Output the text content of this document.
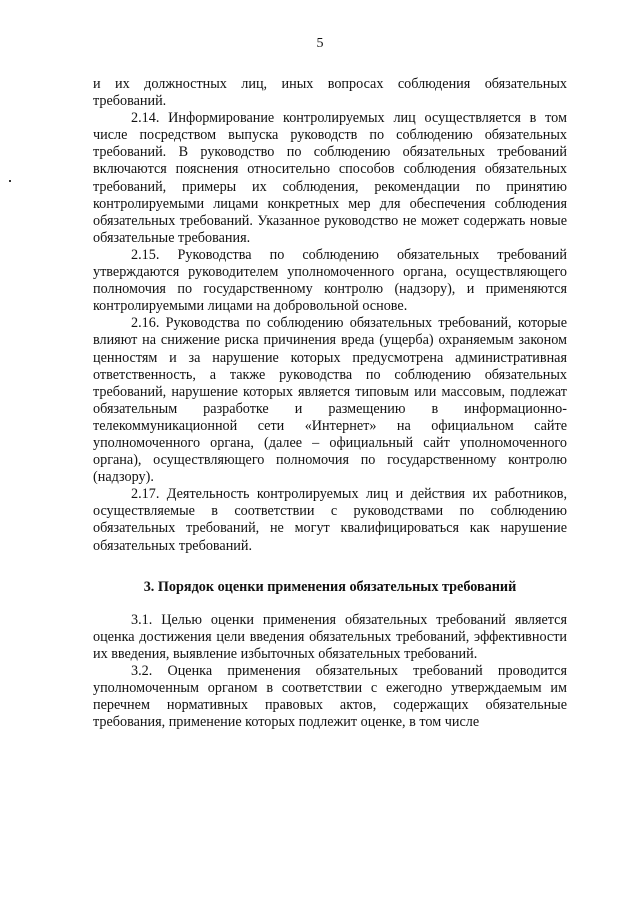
5

и их должностных лиц, иных вопросах соблюдения обязательных требований.

2.14. Информирование контролируемых лиц осуществляется в том числе посредством выпуска руководств по соблюдению обязательных требований. В руководство по соблюдению обязательных требований включаются пояснения относительно способов соблюдения обязательных требований, примеры их соблюдения, рекомендации по принятию контролируемыми лицами конкретных мер для обеспечения соблюдения обязательных требований. Указанное руководство не может содержать новые обязательные требования.

2.15. Руководства по соблюдению обязательных требований утверждаются руководителем уполномоченного органа, осуществляющего полномочия по государственному контролю (надзору), и применяются контролируемыми лицами на добровольной основе.

2.16. Руководства по соблюдению обязательных требований, которые влияют на снижение риска причинения вреда (ущерба) охраняемым законом ценностям и за нарушение которых предусмотрена административная ответственность, а также руководства по соблюдению обязательных требований, нарушение которых является типовым или массовым, подлежат обязательным разработке и размещению в информационно-телекоммуникационной сети «Интернет» на официальном сайте уполномоченного органа, (далее – официальный сайт уполномоченного органа), осуществляющего полномочия по государственному контролю (надзору).

2.17. Деятельность контролируемых лиц и действия их работников, осуществляемые в соответствии с руководствами по соблюдению обязательных требований, не могут квалифицироваться как нарушение обязательных требований.

3. Порядок оценки применения обязательных требований

3.1. Целью оценки применения обязательных требований является оценка достижения цели введения обязательных требований, эффективности их введения, выявление избыточных обязательных требований.

3.2. Оценка применения обязательных требований проводится уполномоченным органом в соответствии с ежегодно утверждаемым им перечнем нормативных правовых актов, содержащих обязательные требования, применение которых подлежит оценке, в том числе
